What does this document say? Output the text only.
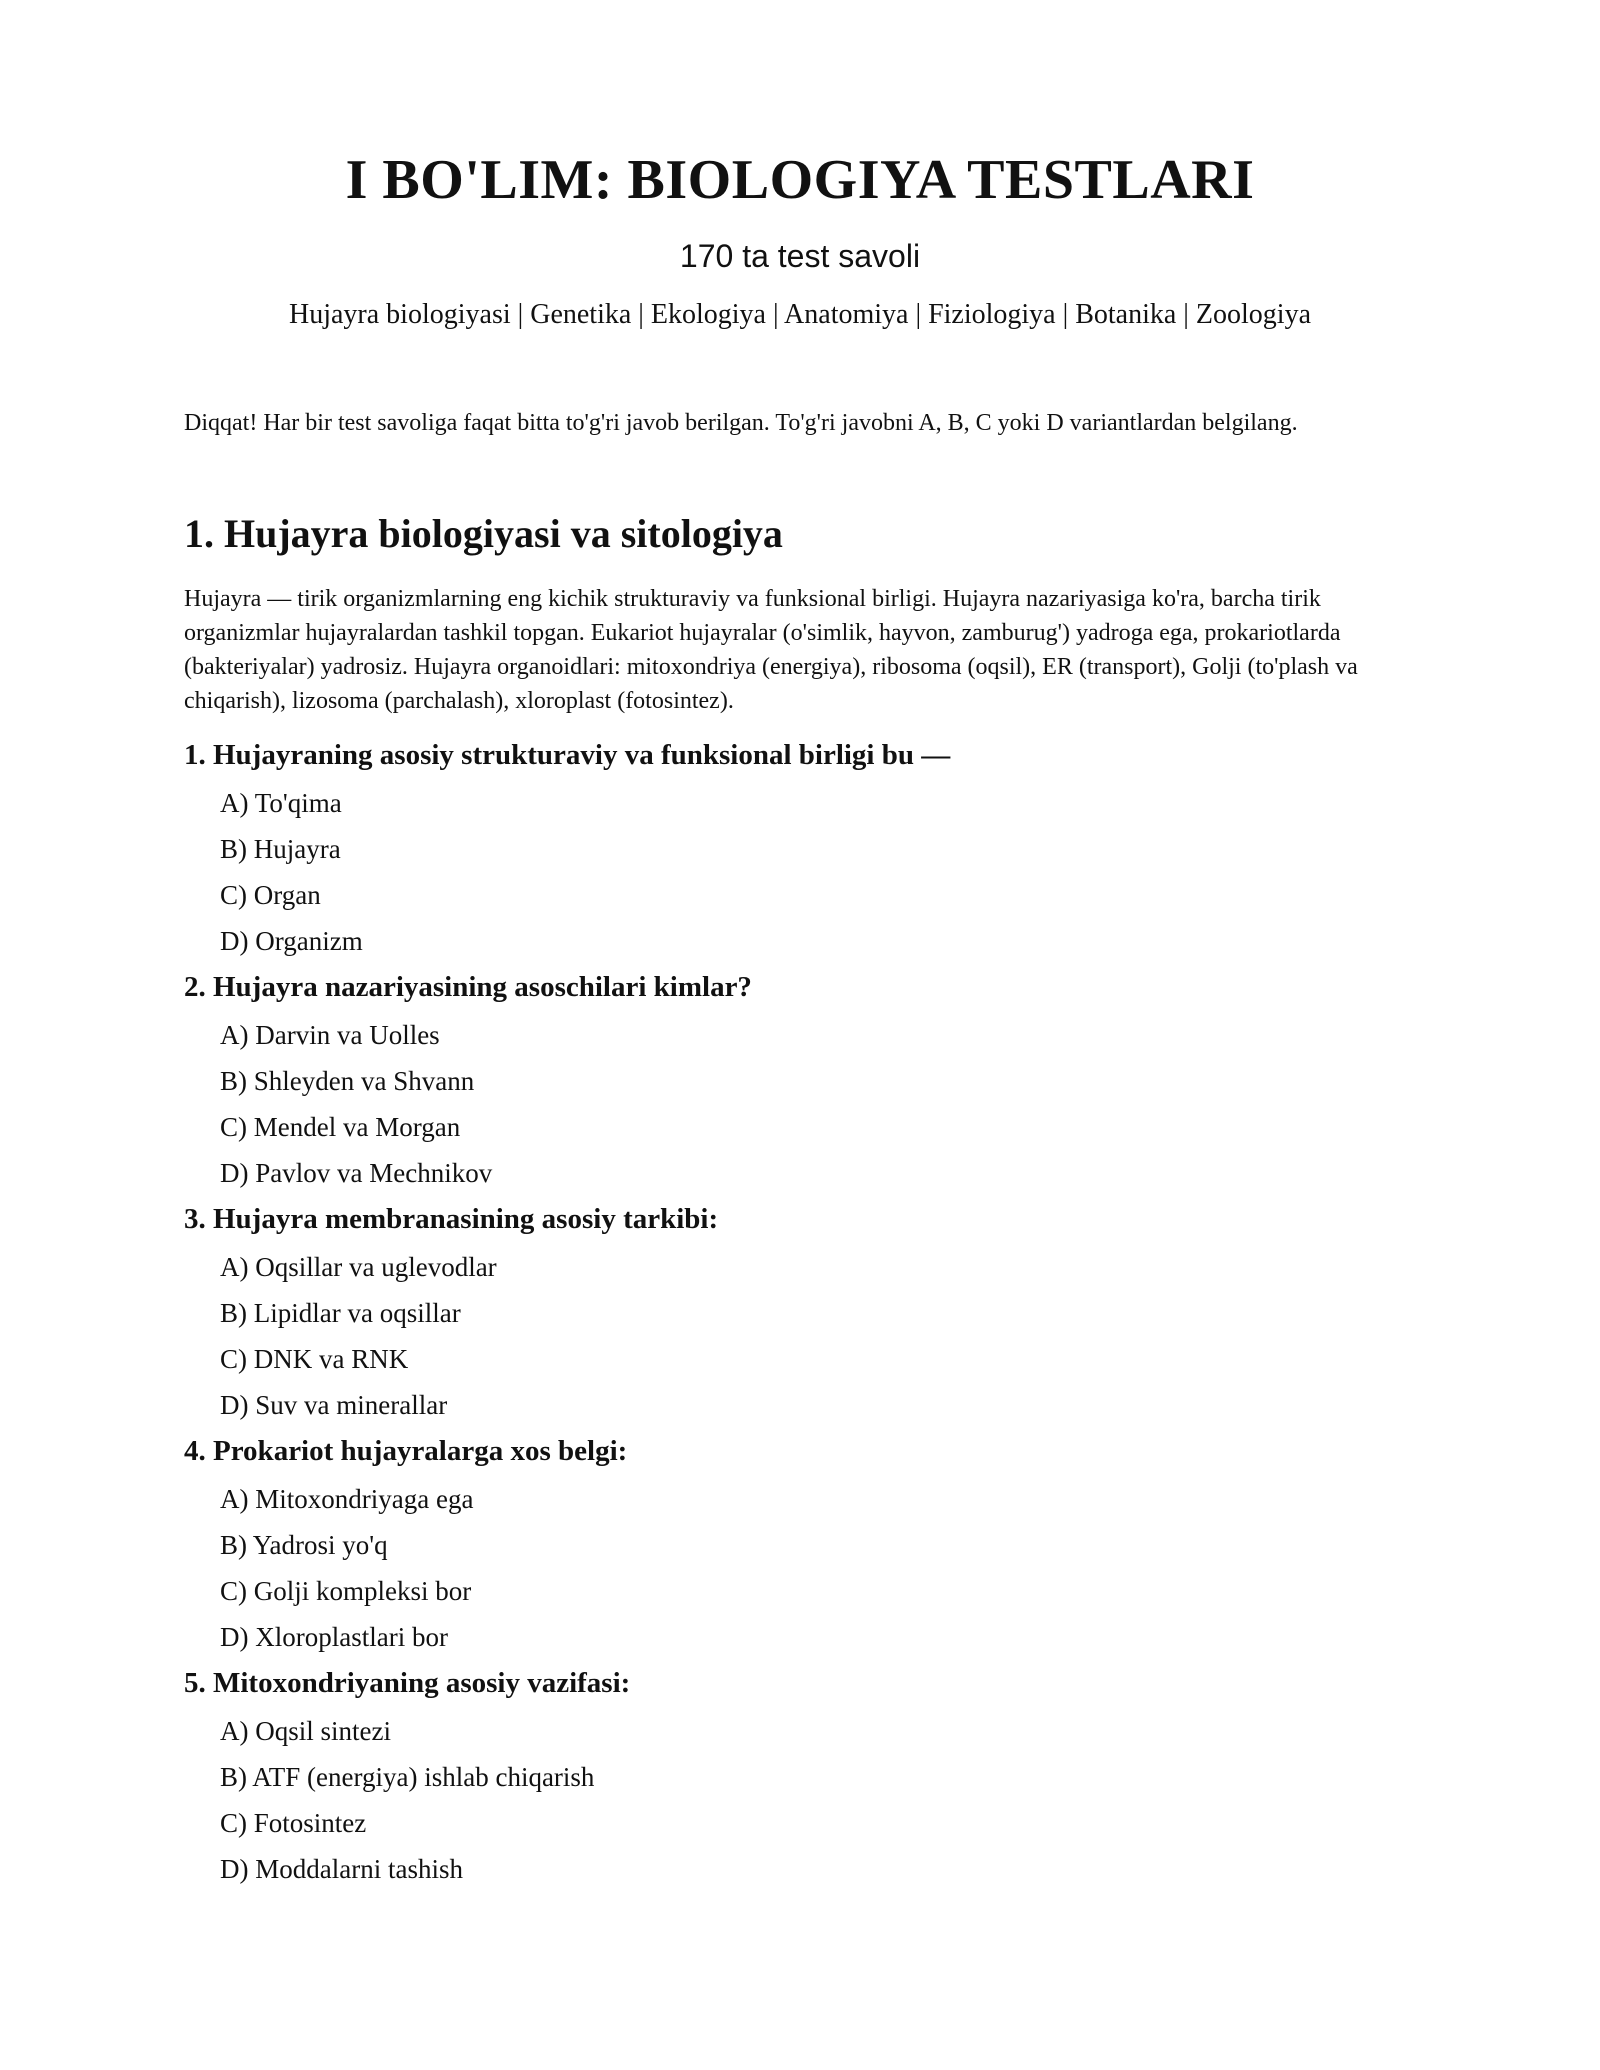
I BO'LIM: BIOLOGIYA TESTLARI

170 ta test savoli

Hujayra biologiyasi | Genetika | Ekologiya | Anatomiya | Fiziologiya | Botanika | Zoologiya

Diqqat! Har bir test savoliga faqat bitta to'g'ri javob berilgan. To'g'ri javobni A, B, C yoki D variantlardan belgilang.

1. Hujayra biologiyasi va sitologiya

Hujayra — tirik organizmlarning eng kichik strukturaviy va funksional birligi. Hujayra nazariyasiga ko'ra, barcha tirik organizmlar hujayralardan tashkil topgan. Eukariot hujayralar (o'simlik, hayvon, zamburug') yadroga ega, prokariotlarda (bakteriyalar) yadrosiz. Hujayra organoidlari: mitoxondriya (energiya), ribosoma (oqsil), ER (transport), Golji (to'plash va chiqarish), lizosoma (parchalash), xloroplast (fotosintez).

1. Hujayraning asosiy strukturaviy va funksional birligi bu —

A) To'qima

B) Hujayra

C) Organ

D) Organizm

2. Hujayra nazariyasining asoschilari kimlar?

A) Darvin va Uolles

B) Shleyden va Shvann

C) Mendel va Morgan

D) Pavlov va Mechnikov

3. Hujayra membranasining asosiy tarkibi:

A) Oqsillar va uglevodlar

B) Lipidlar va oqsillar

C) DNK va RNK

D) Suv va minerallar

4. Prokariot hujayralarga xos belgi:

A) Mitoxondriyaga ega

B) Yadrosi yo'q

C) Golji kompleksi bor

D) Xloroplastlari bor

5. Mitoxondriyaning asosiy vazifasi:

A) Oqsil sintezi

B) ATF (energiya) ishlab chiqarish

C) Fotosintez

D) Moddalarni tashish
